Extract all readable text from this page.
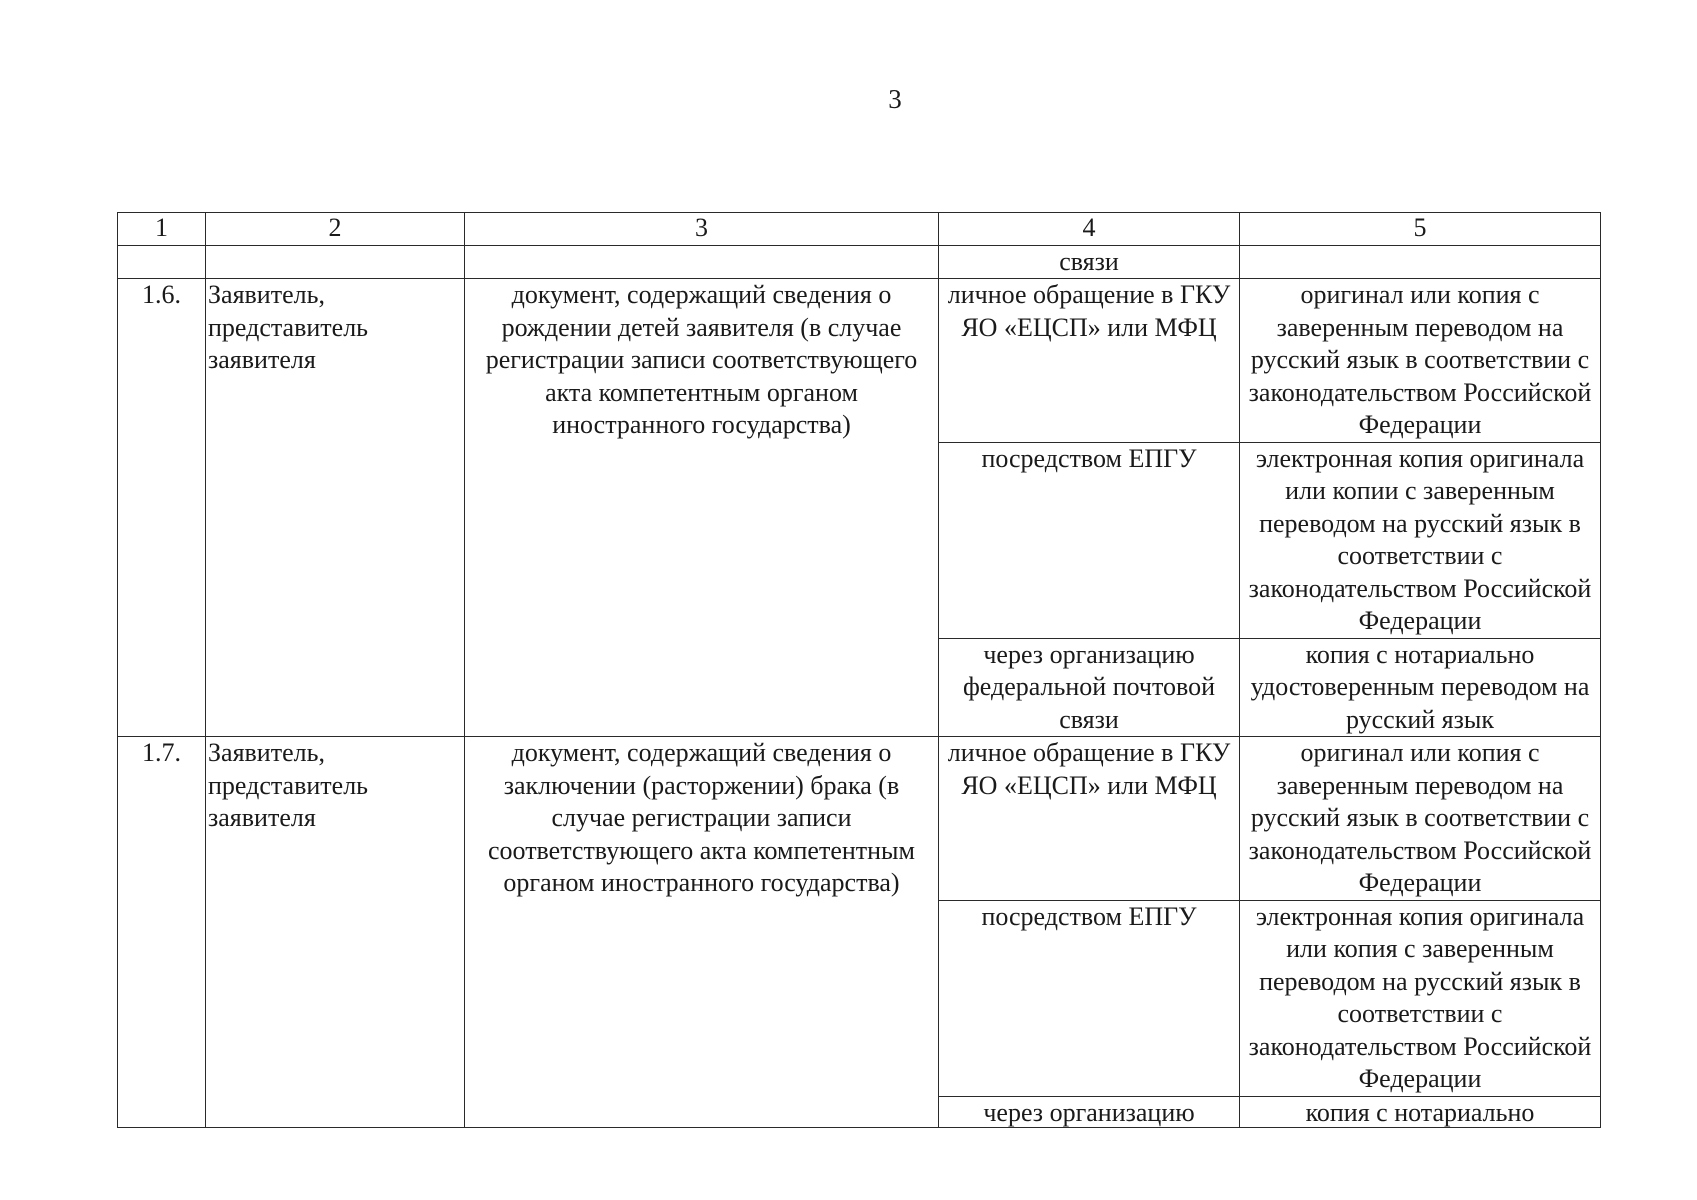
3
1	2	3	4	5
			связи	
1.6.	Заявитель, представитель заявителя	документ, содержащий сведения о рождении детей заявителя (в случае регистрации записи соответствующего акта компетентным органом иностранного государства)	личное обращение в ГКУ ЯО «ЕЦСП» или МФЦ	оригинал или копия с заверенным переводом на русский язык в соответствии с законодательством Российской Федерации
			посредством ЕПГУ	электронная копия оригинала или копии с заверенным переводом на русский язык в соответствии с законодательством Российской Федерации
			через организацию федеральной почтовой связи	копия с нотариально удостоверенным переводом на русский язык
1.7.	Заявитель, представитель заявителя	документ, содержащий сведения о заключении (расторжении) брака (в случае регистрации записи соответствующего акта компетентным органом иностранного государства)	личное обращение в ГКУ ЯО «ЕЦСП» или МФЦ	оригинал или копия с заверенным переводом на русский язык в соответствии с законодательством Российской Федерации
			посредством ЕПГУ	электронная копия оригинала или копия с заверенным переводом на русский язык в соответствии с законодательством Российской Федерации

			через организацию	копия с нотариально
